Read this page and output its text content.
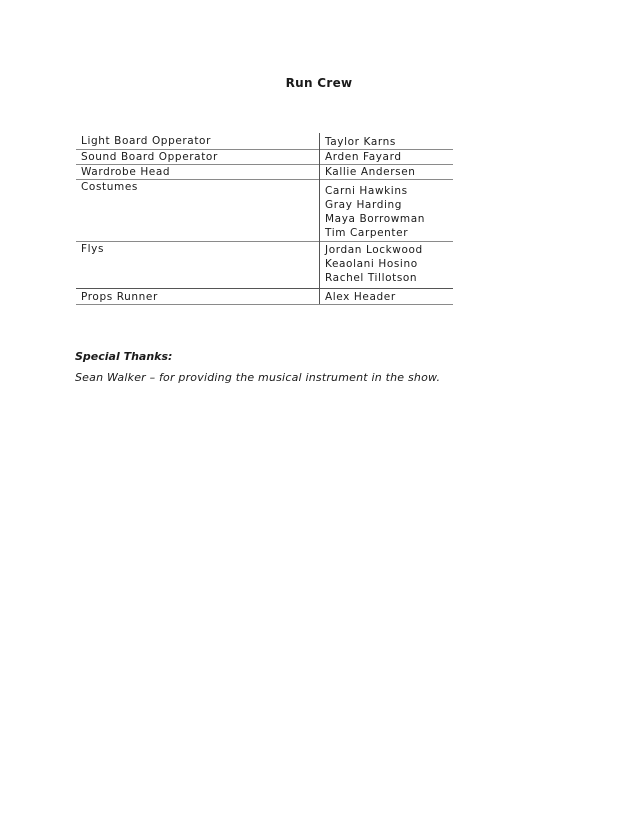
Run Crew
Light Board Opperator	Taylor Karns

Sound Board Opperator	Arden Fayard

Wardrobe Head	Kallie Andersen

Costumes	Carni Hawkins
Gray Harding
Maya Borrowman
Tim Carpenter

Flys	Jordan Lockwood
Keaolani Hosino
Rachel Tillotson

Props Runner	Alex Header
Special Thanks:
Sean Walker – for providing the musical instrument in the show.
